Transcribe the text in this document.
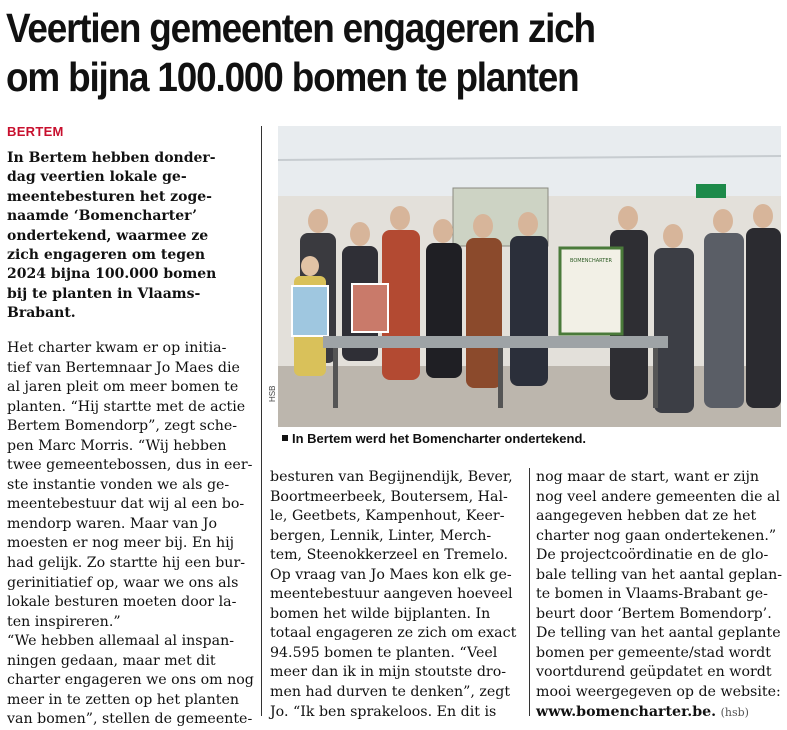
Veertien gemeenten engageren zich
om bijna 100.000 bomen te planten
BERTEM
In Bertem hebben donder-
dag veertien lokale ge-
meentebesturen het zoge-
naamde ‘Bomencharter’
ondertekend, waarmee ze
zich engageren om tegen
2024 bijna 100.000 bomen
bij te planten in Vlaams-
Brabant.
Het charter kwam er op initia-
tief van Bertemnaar Jo Maes die
al jaren pleit om meer bomen te
planten. “Hij startte met de actie
Bertem Bomendorp”, zegt sche-
pen Marc Morris. “Wij hebben
twee gemeentebossen, dus in eer-
ste instantie vonden we als ge-
meentebestuur dat wij al een bo-
mendorp waren. Maar van Jo
moesten er nog meer bij. En hij
had gelijk. Zo startte hij een bur-
gerinitiatief op, waar we ons als
lokale besturen moeten door la-
ten inspireren.”
“We hebben allemaal al inspan-
ningen gedaan, maar met dit
charter engageren we ons om nog
meer in te zetten op het planten
van bomen”, stellen de gemeente-
besturen van Begijnendijk, Bever,
Boortmeerbeek, Boutersem, Hal-
le, Geetbets, Kampenhout, Keer-
bergen, Lennik, Linter, Merch-
tem, Steenokkerzeel en Tremelo.
Op vraag van Jo Maes kon elk ge-
meentebestuur aangeven hoeveel
bomen het wilde bijplanten. In
totaal engageren ze zich om exact
94.595 bomen te planten. “Veel
meer dan ik in mijn stoutste dro-
men had durven te denken”, zegt
Jo. “Ik ben sprakeloos. En dit is
nog maar de start, want er zijn
nog veel andere gemeenten die al
aangegeven hebben dat ze het
charter nog gaan ondertekenen.”
De projectcoördinatie en de glo-
bale telling van het aantal geplan-
te bomen in Vlaams-Brabant ge-
beurt door ‘Bertem Bomendorp’.
De telling van het aantal geplante
bomen per gemeente/stad wordt
voortdurend geüpdatet en wordt
mooi weergegeven op de website:
www.bomencharter.be. (hsb)
BOMENCHARTER
HSB
In Bertem werd het Bomencharter ondertekend.
